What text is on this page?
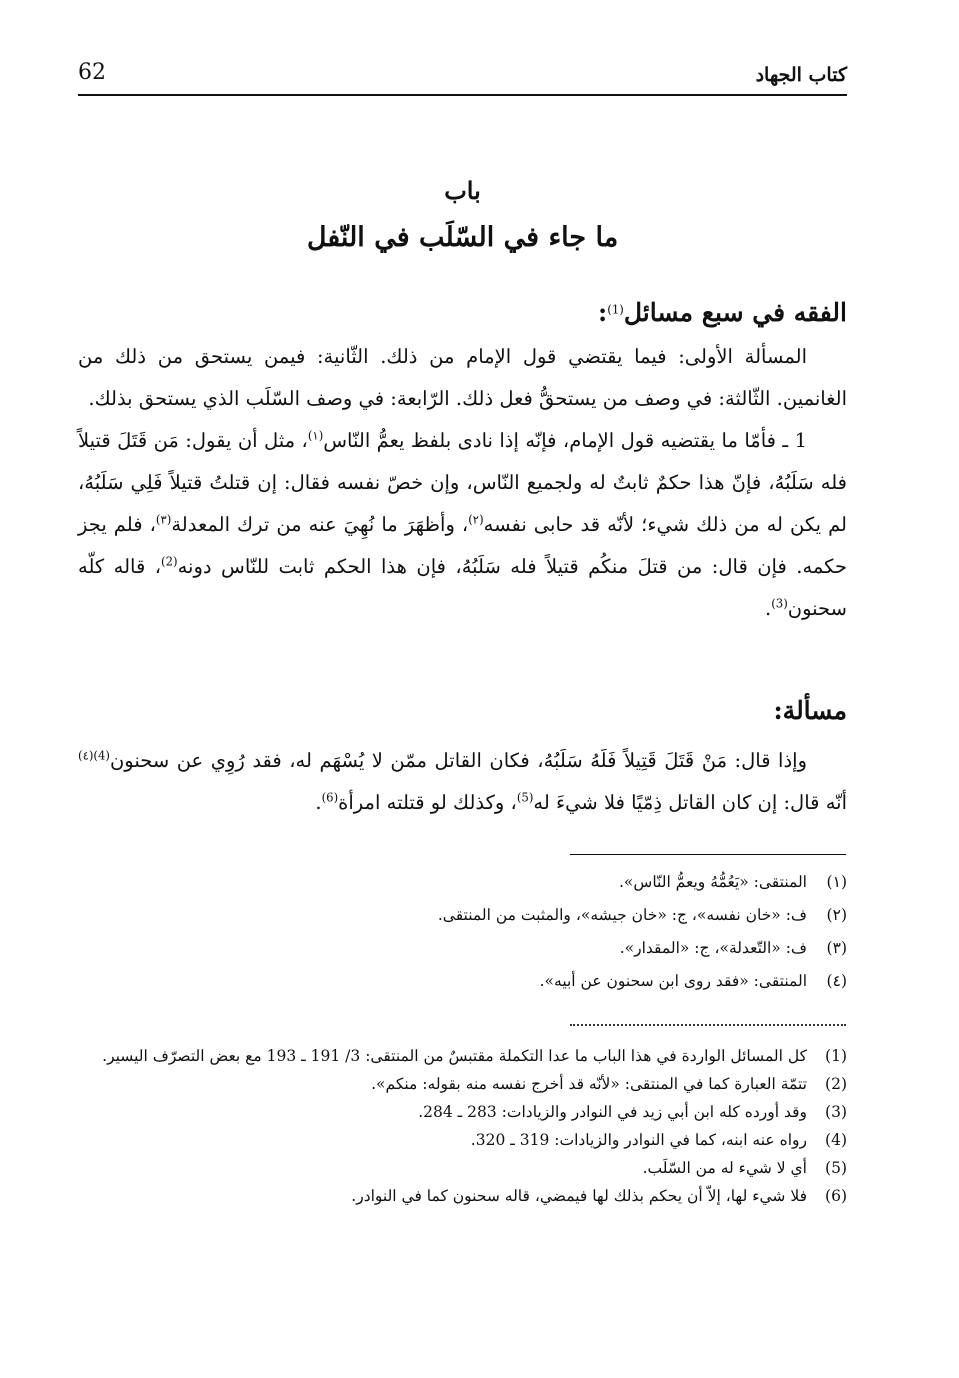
62	كتاب الجهاد
باب
ما جاء في السّلَب في النّفل
الفقه في سبع مسائل$^{(1)}$:

المسألة الأولى: فيما يقتضي قول الإمام من ذلك. الثّانية: فيمن يستحق من ذلك من الغانمين. الثّالثة: في وصف من يستحقُّ فعل ذلك. الرّابعة: في وصف السّلَب الذي يستحق بذلك.

1 ـ فأمّا ما يقتضيه قول الإمام، فإنّه إذا نادى بلفظ يعمُّ النّاس$^{(١)}$، مثل أن يقول: مَن قَتَلَ قتيلاً فله سَلَبُهُ، فإنّ هذا حكمٌ ثابتٌ له ولجميع النّاس، وإن خصّ نفسه فقال: إن قتلتُ قتيلاً فَلِي سَلَبُهُ، لم يكن له من ذلك شيء؛ لأنّه قد حابى نفسه$^{(٢)}$، وأظهَرَ ما نُهِيَ عنه من ترك المعدلة$^{(٣)}$، فلم يجز حكمه. فإن قال: من قتلَ منكُم قتيلاً فله سَلَبُهُ، فإن هذا الحكم ثابت للنّاس دونه$^{(2)}$، قاله كلّه سحنون$^{(3)}$.

مسألة:

وإذا قال: مَنْ قَتَلَ قَتِيلاً فَلَهُ سَلَبُهُ، فكان القاتل ممّن لا يُسْهَم له، فقد رُوِي عن سحنون$^{(4)(٤)}$ أنّه قال: إن كان القاتل ذِمّيًا فلا شيءَ له$^{(5)}$، وكذلك لو قتلته امرأة$^{(6)}$.

(١)
المنتقى: «يَعُمُّهُ ويعمُّ النّاس».
(٢)
ف: «خان نفسه»، ج: «خان جيشه»، والمثبت من المنتقى.
(٣)
ف: «التّعدلة»، ج: «المقدار».
(٤)
المنتقى: «فقد روى ابن سحنون عن أبيه».
(1)
كل المسائل الواردة في هذا الباب ما عدا التكملة مقتبسٌ من المنتقى: 3/ 191 ـ 193 مع بعض التصرّف اليسير.
(2)
تتمّة العبارة كما في المنتقى: «لأنّه قد أخرج نفسه منه بقوله: منكم».
(3)
وقد أورده كله ابن أبي زيد في النوادر والزيادات: 283 ـ 284.
(4)
رواه عنه ابنه، كما في النوادر والزيادات: 319 ـ 320.
(5)
أي لا شيء له من السّلَب.
(6)
فلا شيء لها، إلاّ أن يحكم بذلك لها فيمضي، قاله سحنون كما في النوادر.
